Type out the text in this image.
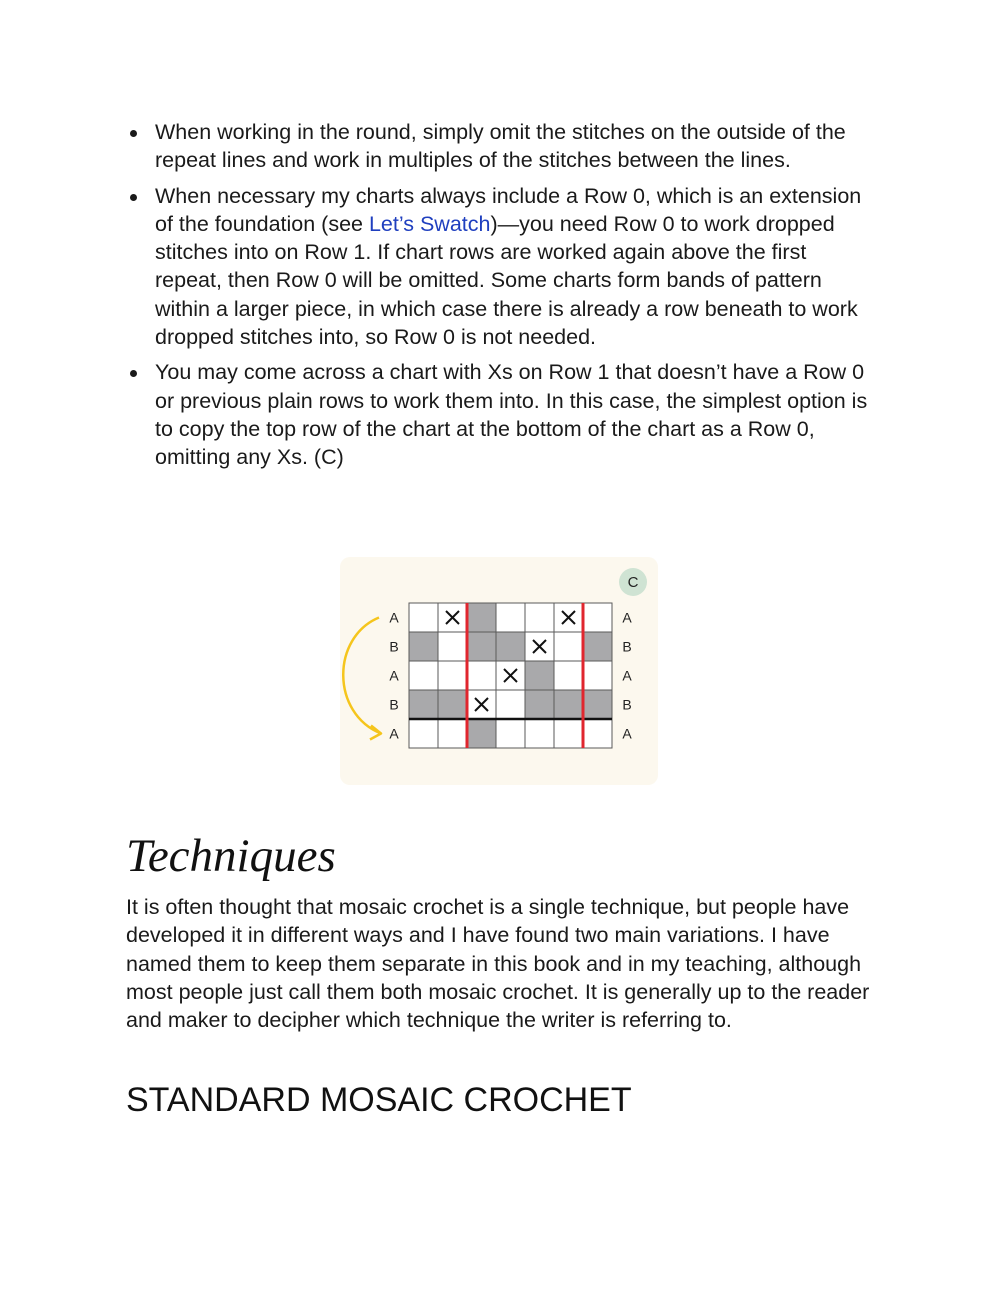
When working in the round, simply omit the stitches on the outside of the repeat lines and work in multiples of the stitches between the lines.
When necessary my charts always include a Row 0, which is an extension of the foundation (see Let’s Swatch)—you need Row 0 to work dropped stitches into on Row 1. If chart rows are worked again above the first repeat, then Row 0 will be omitted. Some charts form bands of pattern within a larger piece, in which case there is already a row beneath to work dropped stitches into, so Row 0 is not needed.
You may come across a chart with Xs on Row 1 that doesn’t have a Row 0 or previous plain rows to work them into. In this case, the simplest option is to copy the top row of the chart at the bottom of the chart as a Row 0, omitting any Xs. (C)
A	A
B	B
A	A
B	B
A	A
C
Techniques

It is often thought that mosaic crochet is a single technique, but people have developed it in different ways and I have found two main variations. I have named them to keep them separate in this book and in my teaching, although most people just call them both mosaic crochet. It is generally up to the reader and maker to decipher which technique the writer is referring to.

STANDARD MOSAIC CROCHET
